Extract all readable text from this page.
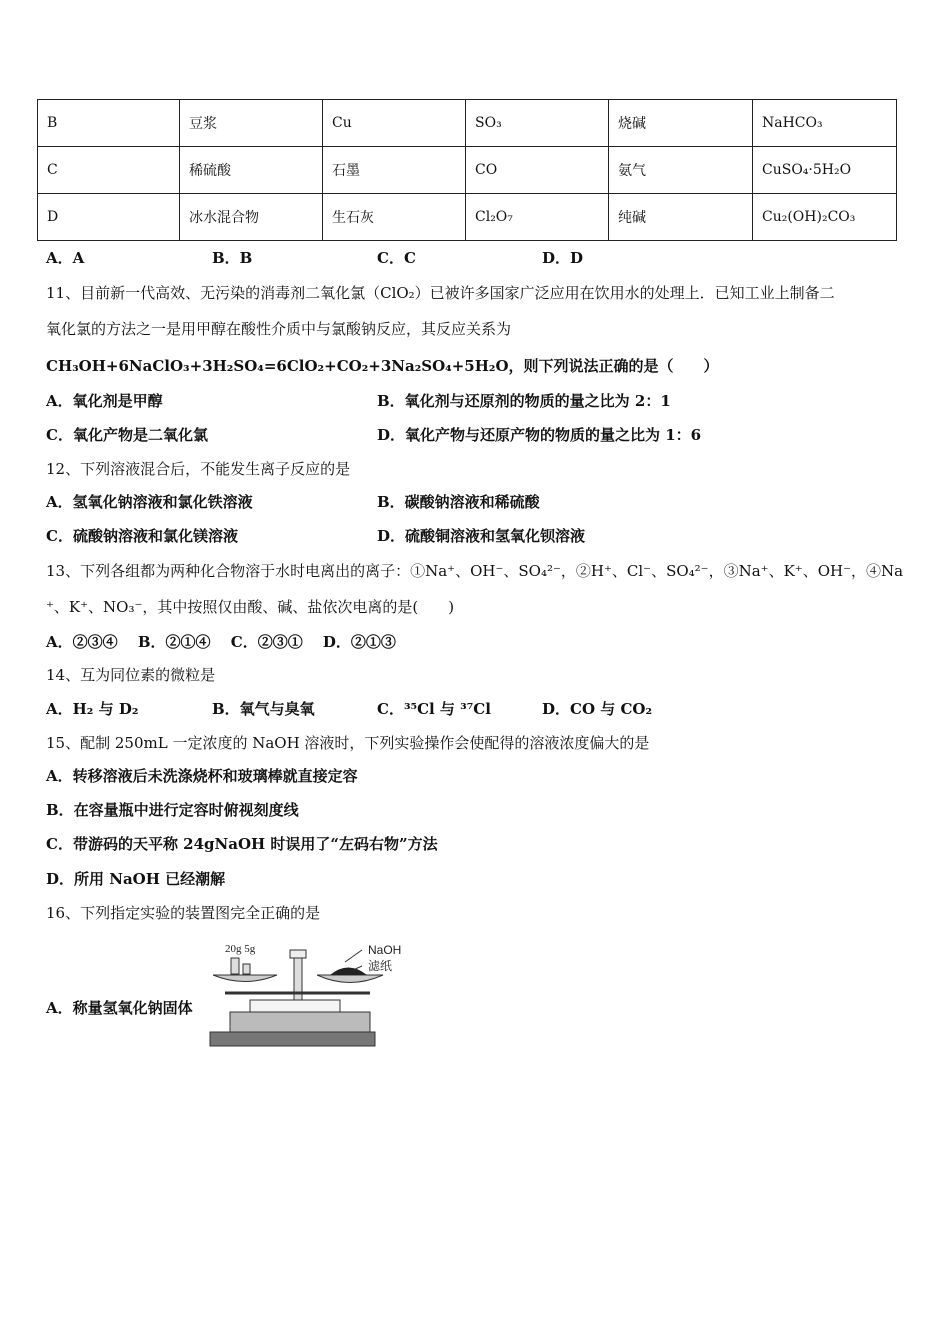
B	豆浆	Cu	SO₃	烧碱	NaHCO₃
C	稀硫酸	石墨	CO	氨气	CuSO₄·5H₂O
D	冰水混合物	生石灰	Cl₂O₇	纯碱	Cu₂(OH)₂CO₃
A．A	B．B	C．C	D．D
11、目前新一代高效、无污染的消毒剂二氧化氯（ClO₂）已被许多国家广泛应用在饮用水的处理上．已知工业上制备二
氧化氯的方法之一是用甲醇在酸性介质中与氯酸钠反应，其反应关系为
CH₃OH+6NaClO₃+3H₂SO₄=6ClO₂+CO₂+3Na₂SO₄+5H₂O，则下列说法正确的是（　　）
A．氧化剂是甲醇	B．氧化剂与还原剂的物质的量之比为 2：1
C．氧化产物是二氧化氯	D．氧化产物与还原产物的物质的量之比为 1：6
12、下列溶液混合后，不能发生离子反应的是
A．氢氧化钠溶液和氯化铁溶液	B．碳酸钠溶液和稀硫酸
C．硫酸钠溶液和氯化镁溶液	D．硫酸铜溶液和氢氧化钡溶液
13、下列各组都为两种化合物溶于水时电离出的离子：①Na⁺、OH⁻、SO₄²⁻，②H⁺、Cl⁻、SO₄²⁻，③Na⁺、K⁺、OH⁻，④Na
⁺、K⁺、NO₃⁻，其中按照仅由酸、碱、盐依次电离的是(　　)
A．②③④　 B．②①④　 C．②③①　 D．②①③
14、互为同位素的微粒是
A．H₂ 与 D₂	B．氧气与臭氧	C．³⁵Cl 与 ³⁷Cl	D．CO 与 CO₂
15、配制 250mL 一定浓度的 NaOH 溶液时，下列实验操作会使配得的溶液浓度偏大的是
A．转移溶液后未洗涤烧杯和玻璃棒就直接定容
B．在容量瓶中进行定容时俯视刻度线
C．带游码的天平称 24gNaOH 时误用了“左码右物”方法
D．所用 NaOH 已经潮解
16、下列指定实验的装置图完全正确的是
A．称量氢氧化钠固体
20g 5g	NaOH
滤纸
